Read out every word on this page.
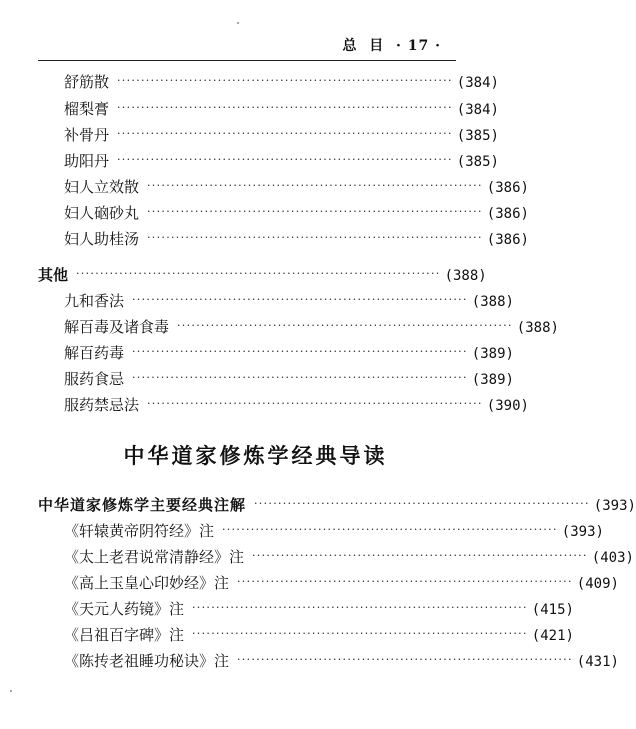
总  目 · 17 ·
舒筋散 ······································································ (384)
榴梨膏 ······································································ (384)
补骨丹 ······································································ (385)
助阳丹 ······································································ (385)
妇人立效散 ······································································ (386)
妇人硇砂丸 ······································································ (386)
妇人助桂汤 ······································································ (386)
其他 ············································································ (388)
九和香法 ······································································ (388)
解百毒及诸食毒 ······································································ (388)
解百药毒 ······································································ (389)
服药食忌 ······································································ (389)
服药禁忌法 ······································································ (390)
中华道家修炼学经典导读
中华道家修炼学主要经典注解 ······································································ (393)
《轩辕黄帝阴符经》注 ······································································ (393)
《太上老君说常清静经》注 ······································································ (403)
《高上玉皇心印妙经》注 ······································································ (409)
《天元人药镜》注 ······································································ (415)
《吕祖百字碑》注 ······································································ (421)
《陈抟老祖睡功秘诀》注 ······································································ (431)
